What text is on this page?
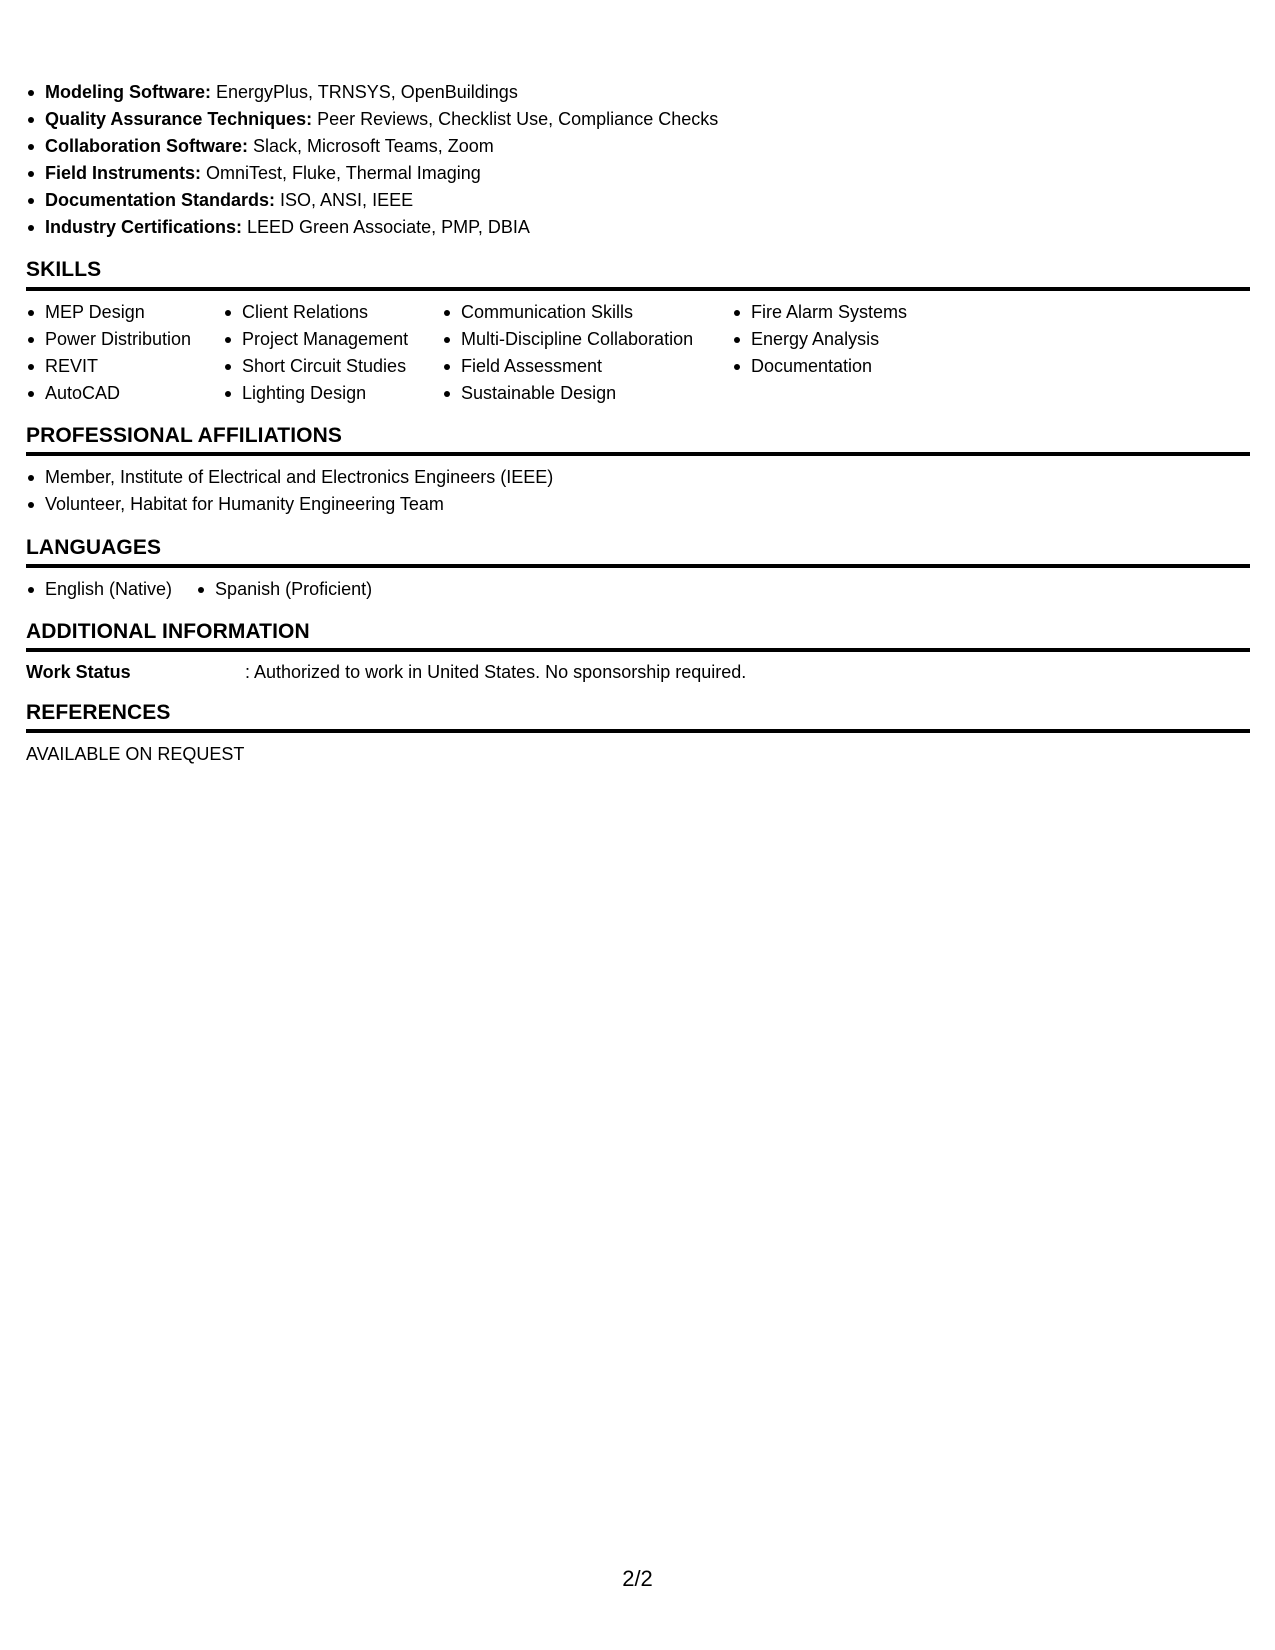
Modeling Software: EnergyPlus, TRNSYS, OpenBuildings
Quality Assurance Techniques: Peer Reviews, Checklist Use, Compliance Checks
Collaboration Software: Slack, Microsoft Teams, Zoom
Field Instruments: OmniTest, Fluke, Thermal Imaging
Documentation Standards: ISO, ANSI, IEEE
Industry Certifications: LEED Green Associate, PMP, DBIA
SKILLS
MEP Design
Power Distribution
REVIT
AutoCAD
Client Relations
Project Management
Short Circuit Studies
Lighting Design
Communication Skills
Multi-Discipline Collaboration
Field Assessment
Sustainable Design
Fire Alarm Systems
Energy Analysis
Documentation
PROFESSIONAL AFFILIATIONS
Member, Institute of Electrical and Electronics Engineers (IEEE)
Volunteer, Habitat for Humanity Engineering Team
LANGUAGES
English (Native)	Spanish (Proficient)
ADDITIONAL INFORMATION
Work Status	: Authorized to work in United States. No sponsorship required.
REFERENCES
AVAILABLE ON REQUEST
2/2
